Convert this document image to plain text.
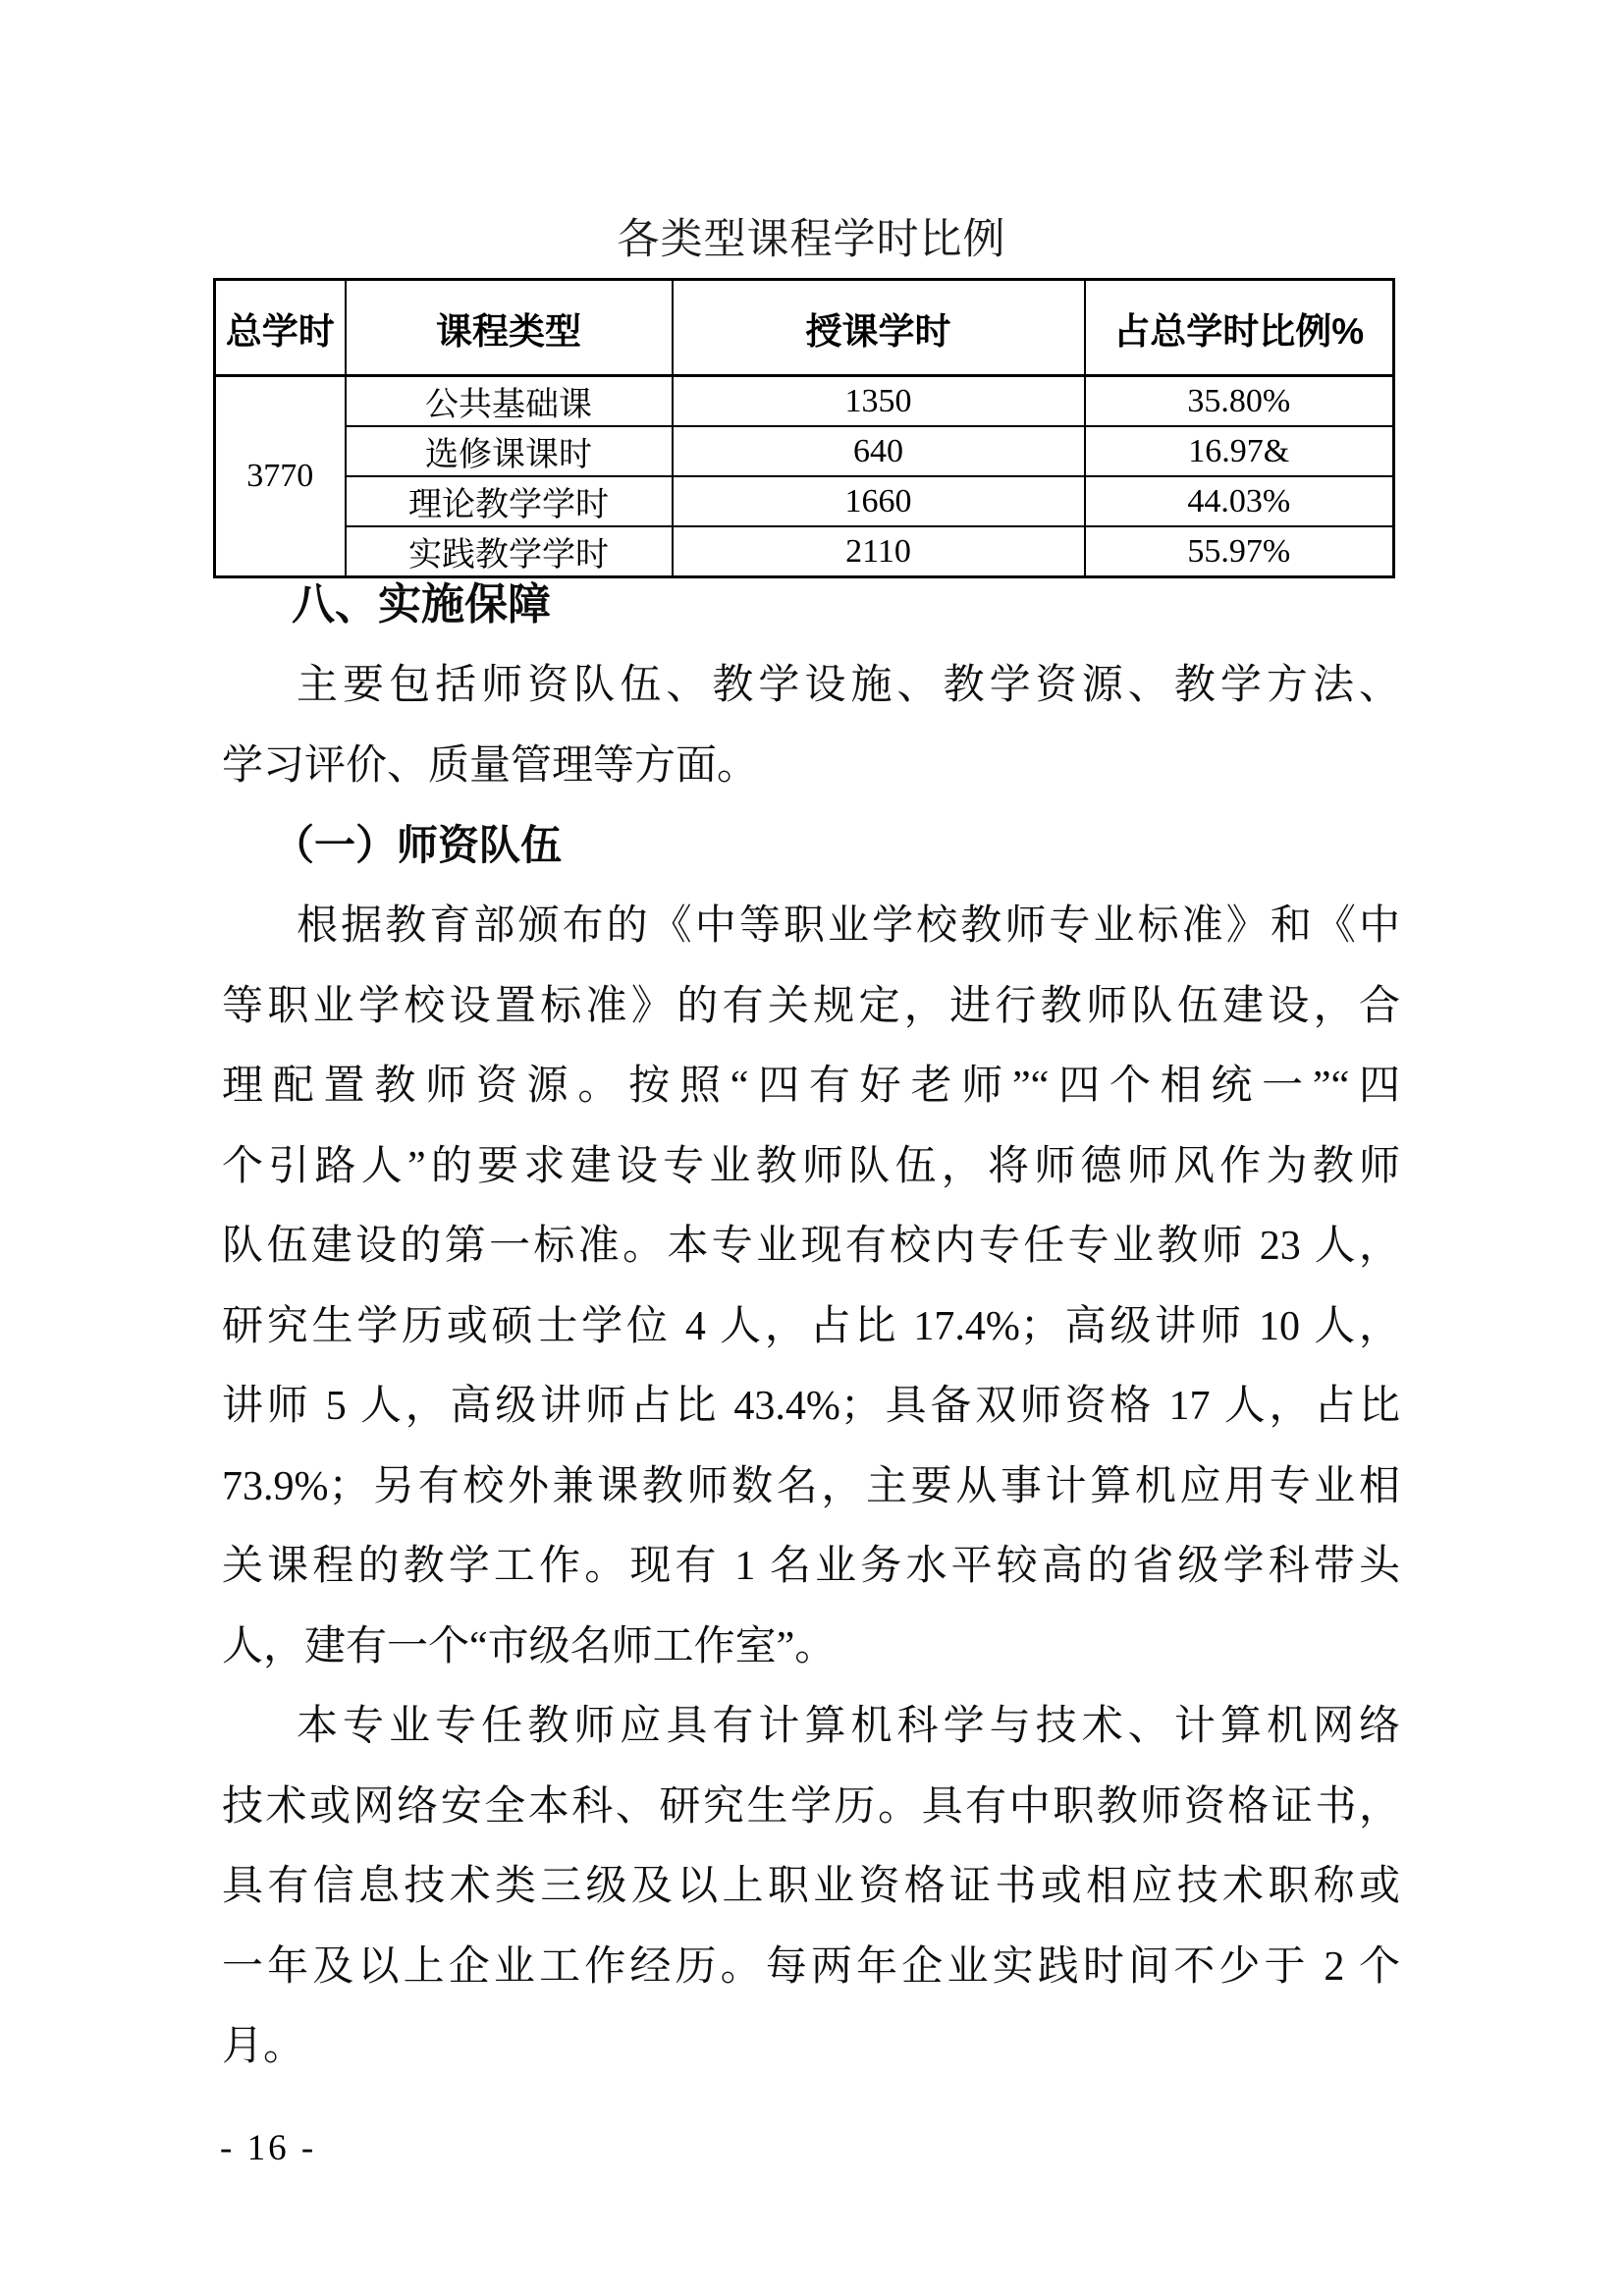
各类型课程学时比例
总学时	课程类型	授课学时	占总学时比例%
3770	公共基础课	1350	35.80%
	选修课课时	640	16.97&
	理论教学学时	1660	44.03%
	实践教学学时	2110	55.97%
八、实施保障
主要包括师资队伍、教学设施、教学资源、教学方法、
学习评价、质量管理等方面。
（一）师资队伍
根据教育部颁布的《中等职业学校教师专业标准》和《中
等职业学校设置标准》的有关规定，进行教师队伍建设，合
理配置教师资源。按照“四有好老师”“四个相统一”“四
个引路人”的要求建设专业教师队伍，将师德师风作为教师
队伍建设的第一标准。本专业现有校内专任专业教师 23 人，
研究生学历或硕士学位 4 人，占比 17.4%；高级讲师 10 人，
讲师 5 人，高级讲师占比 43.4%；具备双师资格 17 人，占比
73.9%；另有校外兼课教师数名，主要从事计算机应用专业相
关课程的教学工作。现有 1 名业务水平较高的省级学科带头
人，建有一个“市级名师工作室”。
本专业专任教师应具有计算机科学与技术、计算机网络
技术或网络安全本科、研究生学历。具有中职教师资格证书，
具有信息技术类三级及以上职业资格证书或相应技术职称或
一年及以上企业工作经历。每两年企业实践时间不少于 2 个
月。
- 16 -
